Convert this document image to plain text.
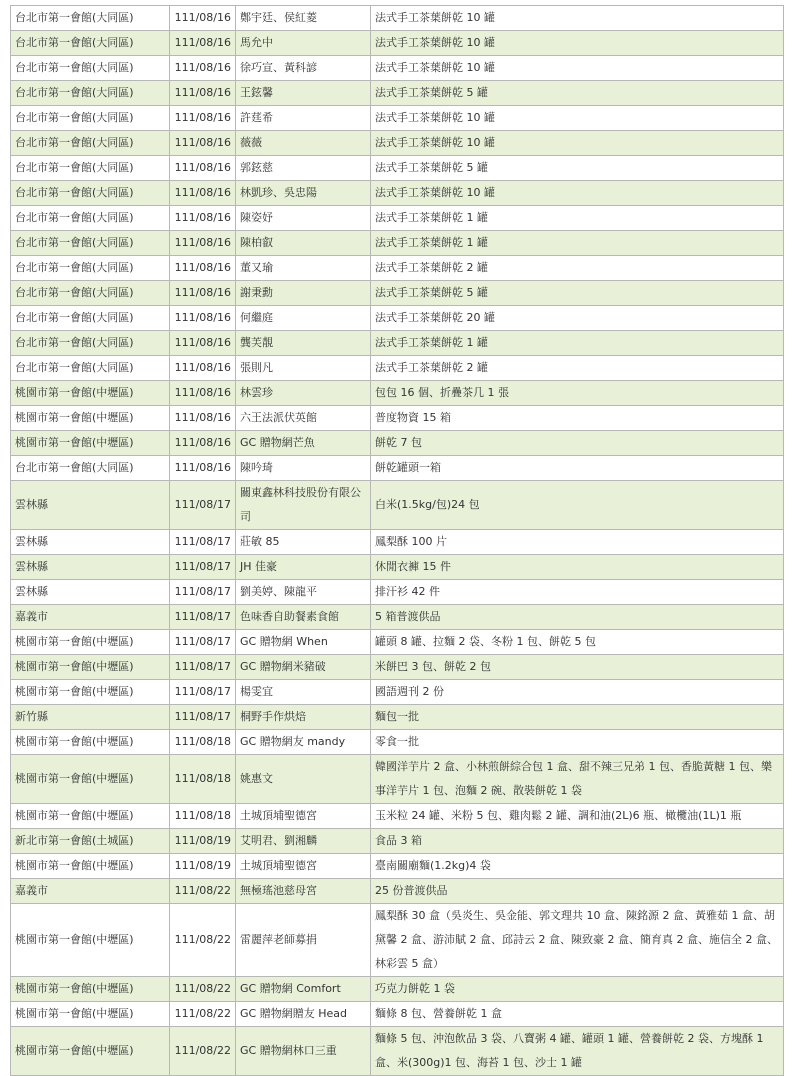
台北市第一會館(大同區)	111/08/16	鄭宇廷、侯紅菱	法式手工茶葉餅乾 10 罐
台北市第一會館(大同區)	111/08/16	馬允中	法式手工茶葉餅乾 10 罐
台北市第一會館(大同區)	111/08/16	徐巧宣、黃科諺	法式手工茶葉餅乾 10 罐
台北市第一會館(大同區)	111/08/16	王鉉馨	法式手工茶葉餅乾 5 罐
台北市第一會館(大同區)	111/08/16	許莛希	法式手工茶葉餅乾 10 罐
台北市第一會館(大同區)	111/08/16	薇薇	法式手工茶葉餅乾 10 罐
台北市第一會館(大同區)	111/08/16	郭鉉慈	法式手工茶葉餅乾 5 罐
台北市第一會館(大同區)	111/08/16	林凱珍、吳忠陽	法式手工茶葉餅乾 10 罐
台北市第一會館(大同區)	111/08/16	陳姿妤	法式手工茶葉餅乾 1 罐
台北市第一會館(大同區)	111/08/16	陳柏叡	法式手工茶葉餅乾 1 罐
台北市第一會館(大同區)	111/08/16	董又瑜	法式手工茶葉餅乾 2 罐
台北市第一會館(大同區)	111/08/16	謝秉勳	法式手工茶葉餅乾 5 罐
台北市第一會館(大同區)	111/08/16	何繼庭	法式手工茶葉餅乾 20 罐
台北市第一會館(大同區)	111/08/16	龔芙靚	法式手工茶葉餅乾 1 罐
台北市第一會館(大同區)	111/08/16	張則凡	法式手工茶葉餅乾 2 罐
桃園市第一會館(中壢區)	111/08/16	林雲珍	包包 16 個、折疊茶几 1 張
桃園市第一會館(中壢區)	111/08/16	六王法派伏英館	普度物資 15 箱
桃園市第一會館(中壢區)	111/08/16	GC 贈物網芒魚	餅乾 7 包
台北市第一會館(大同區)	111/08/16	陳吟琦	餅乾罐頭一箱
雲林縣	111/08/17	關東鑫林科技股份有限公司	白米(1.5kg/包)24 包
雲林縣	111/08/17	莊敏 85	鳳梨酥 100 片
雲林縣	111/08/17	JH 佳豪	休閒衣褲 15 件
雲林縣	111/08/17	劉美婷、陳龍平	排汗衫 42 件
嘉義市	111/08/17	色味香自助餐素食館	5 箱普渡供品
桃園市第一會館(中壢區)	111/08/17	GC 贈物網 When	罐頭 8 罐、拉麵 2 袋、冬粉 1 包、餅乾 5 包
桃園市第一會館(中壢區)	111/08/17	GC 贈物網米豬破	米餅巴 3 包、餅乾 2 包
桃園市第一會館(中壢區)	111/08/17	楊雯宜	國語週刊 2 份
新竹縣	111/08/17	桐野手作烘焙	麵包一批
桃園市第一會館(中壢區)	111/08/18	GC 贈物網友 mandy	零食一批
桃園市第一會館(中壢區)	111/08/18	姚惠文	韓國洋芋片 2 盒、小林煎餅綜合包 1 盒、甜不辣三兄弟 1 包、香脆黃糖 1 包、樂事洋芋片 1 包、泡麵 2 碗、散裝餅乾 1 袋
桃園市第一會館(中壢區)	111/08/18	土城頂埔聖德宮	玉米粒 24 罐、米粉 5 包、雞肉鬆 2 罐、調和油(2L)6 瓶、橄欖油(1L)1 瓶
新北市第一會館(土城區)	111/08/19	艾明君、劉湘麟	食品 3 箱
桃園市第一會館(中壢區)	111/08/19	土城頂埔聖德宮	臺南關廟麵(1.2kg)4 袋
嘉義市	111/08/22	無極瑤池慈母宮	25 份普渡供品
桃園市第一會館(中壢區)	111/08/22	雷麗萍老師募捐	鳳梨酥 30 盒（吳炎生、吳金能、郭文理共 10 盒、陳銘源 2 盒、黃雅茹 1 盒、胡黛馨 2 盒、游沛賦 2 盒、邱詩云 2 盒、陳致豪 2 盒、簡育真 2 盒、施信全 2 盒、林彩雲 5 盒）
桃園市第一會館(中壢區)	111/08/22	GC 贈物網 Comfort	巧克力餅乾 1 袋
桃園市第一會館(中壢區)	111/08/22	GC 贈物網贈友 Head	麵條 8 包、營養餅乾 1 盒
桃園市第一會館(中壢區)	111/08/22	GC 贈物網林口三重	麵條 5 包、沖泡飲品 3 袋、八寶粥 4 罐、罐頭 1 罐、營養餅乾 2 袋、方塊酥 1 盒、米(300g)1 包、海苔 1 包、沙士 1 罐
